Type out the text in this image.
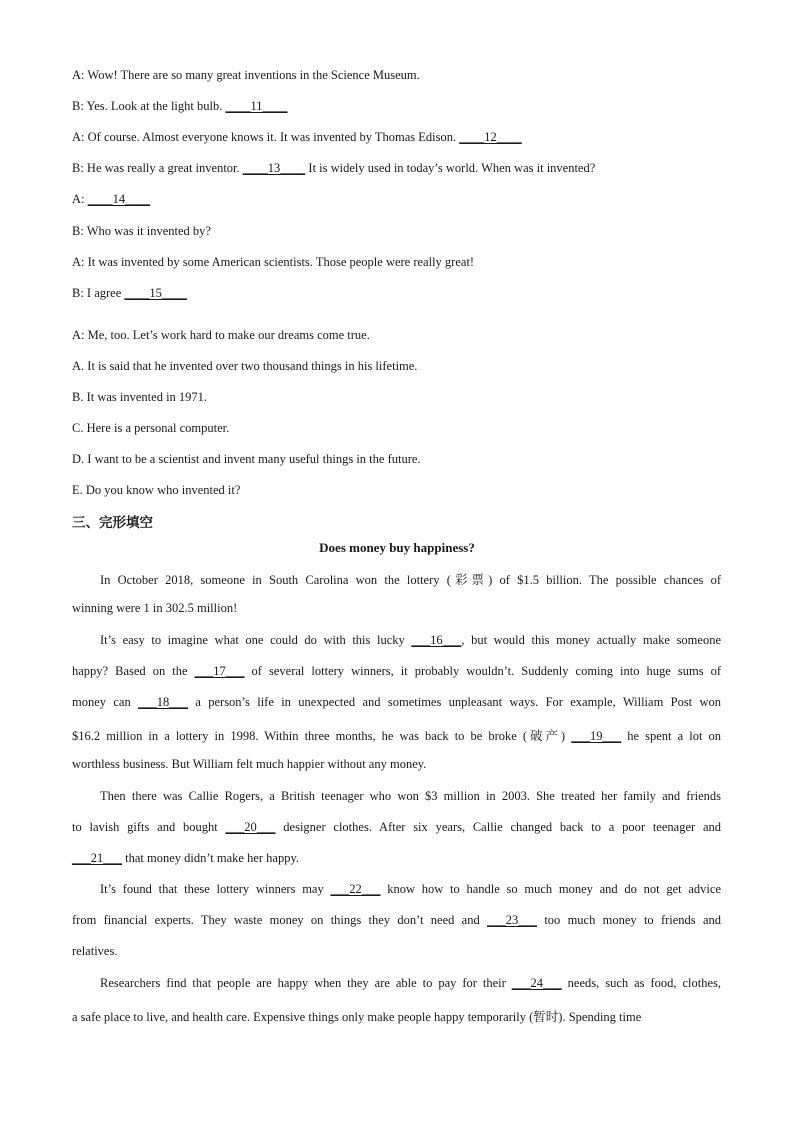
A: Wow! There are so many great inventions in the Science Museum.
B: Yes. Look at the light bulb. ____11____
A: Of course. Almost everyone knows it. It was invented by Thomas Edison. ____12____
B: He was really a great inventor. ____13____ It is widely used in today’s world. When was it invented?
A: ____14____
B: Who was it invented by?
A: It was invented by some American scientists. Those people were really great!
B: I agree ____15____
A: Me, too. Let’s work hard to make our dreams come true.
A. It is said that he invented over two thousand things in his lifetime.
B. It was invented in 1971.
C. Here is a personal computer.
D. I want to be a scientist and invent many useful things in the future.
E. Do you know who invented it?
三、完形填空
Does money buy happiness?
In October 2018, someone in South Carolina won the lottery (彩票) of $1.5 billion. The possible chances of
winning were 1 in 302.5 million!
It’s easy to imagine what one could do with this lucky ___16___, but would this money actually make someone
happy? Based on the ___17___ of several lottery winners, it probably wouldn’t. Suddenly coming into huge sums of
money can ___18___ a person’s life in unexpected and sometimes unpleasant ways. For example, William Post won
$16.2 million in a lottery in 1998. Within three months, he was back to be broke (破产) ___19___ he spent a lot on
worthless business. But William felt much happier without any money.
Then there was Callie Rogers, a British teenager who won $3 million in 2003. She treated her family and friends
to lavish gifts and bought ___20___ designer clothes. After six years, Callie changed back to a poor teenager and
___21___ that money didn’t make her happy.
It’s found that these lottery winners may ___22___ know how to handle so much money and do not get advice
from financial experts. They waste money on things they don’t need and ___23___ too much money to friends and
relatives.
Researchers find that people are happy when they are able to pay for their ___24___ needs, such as food, clothes,
a safe place to live, and health care. Expensive things only make people happy temporarily (暂时). Spending time
